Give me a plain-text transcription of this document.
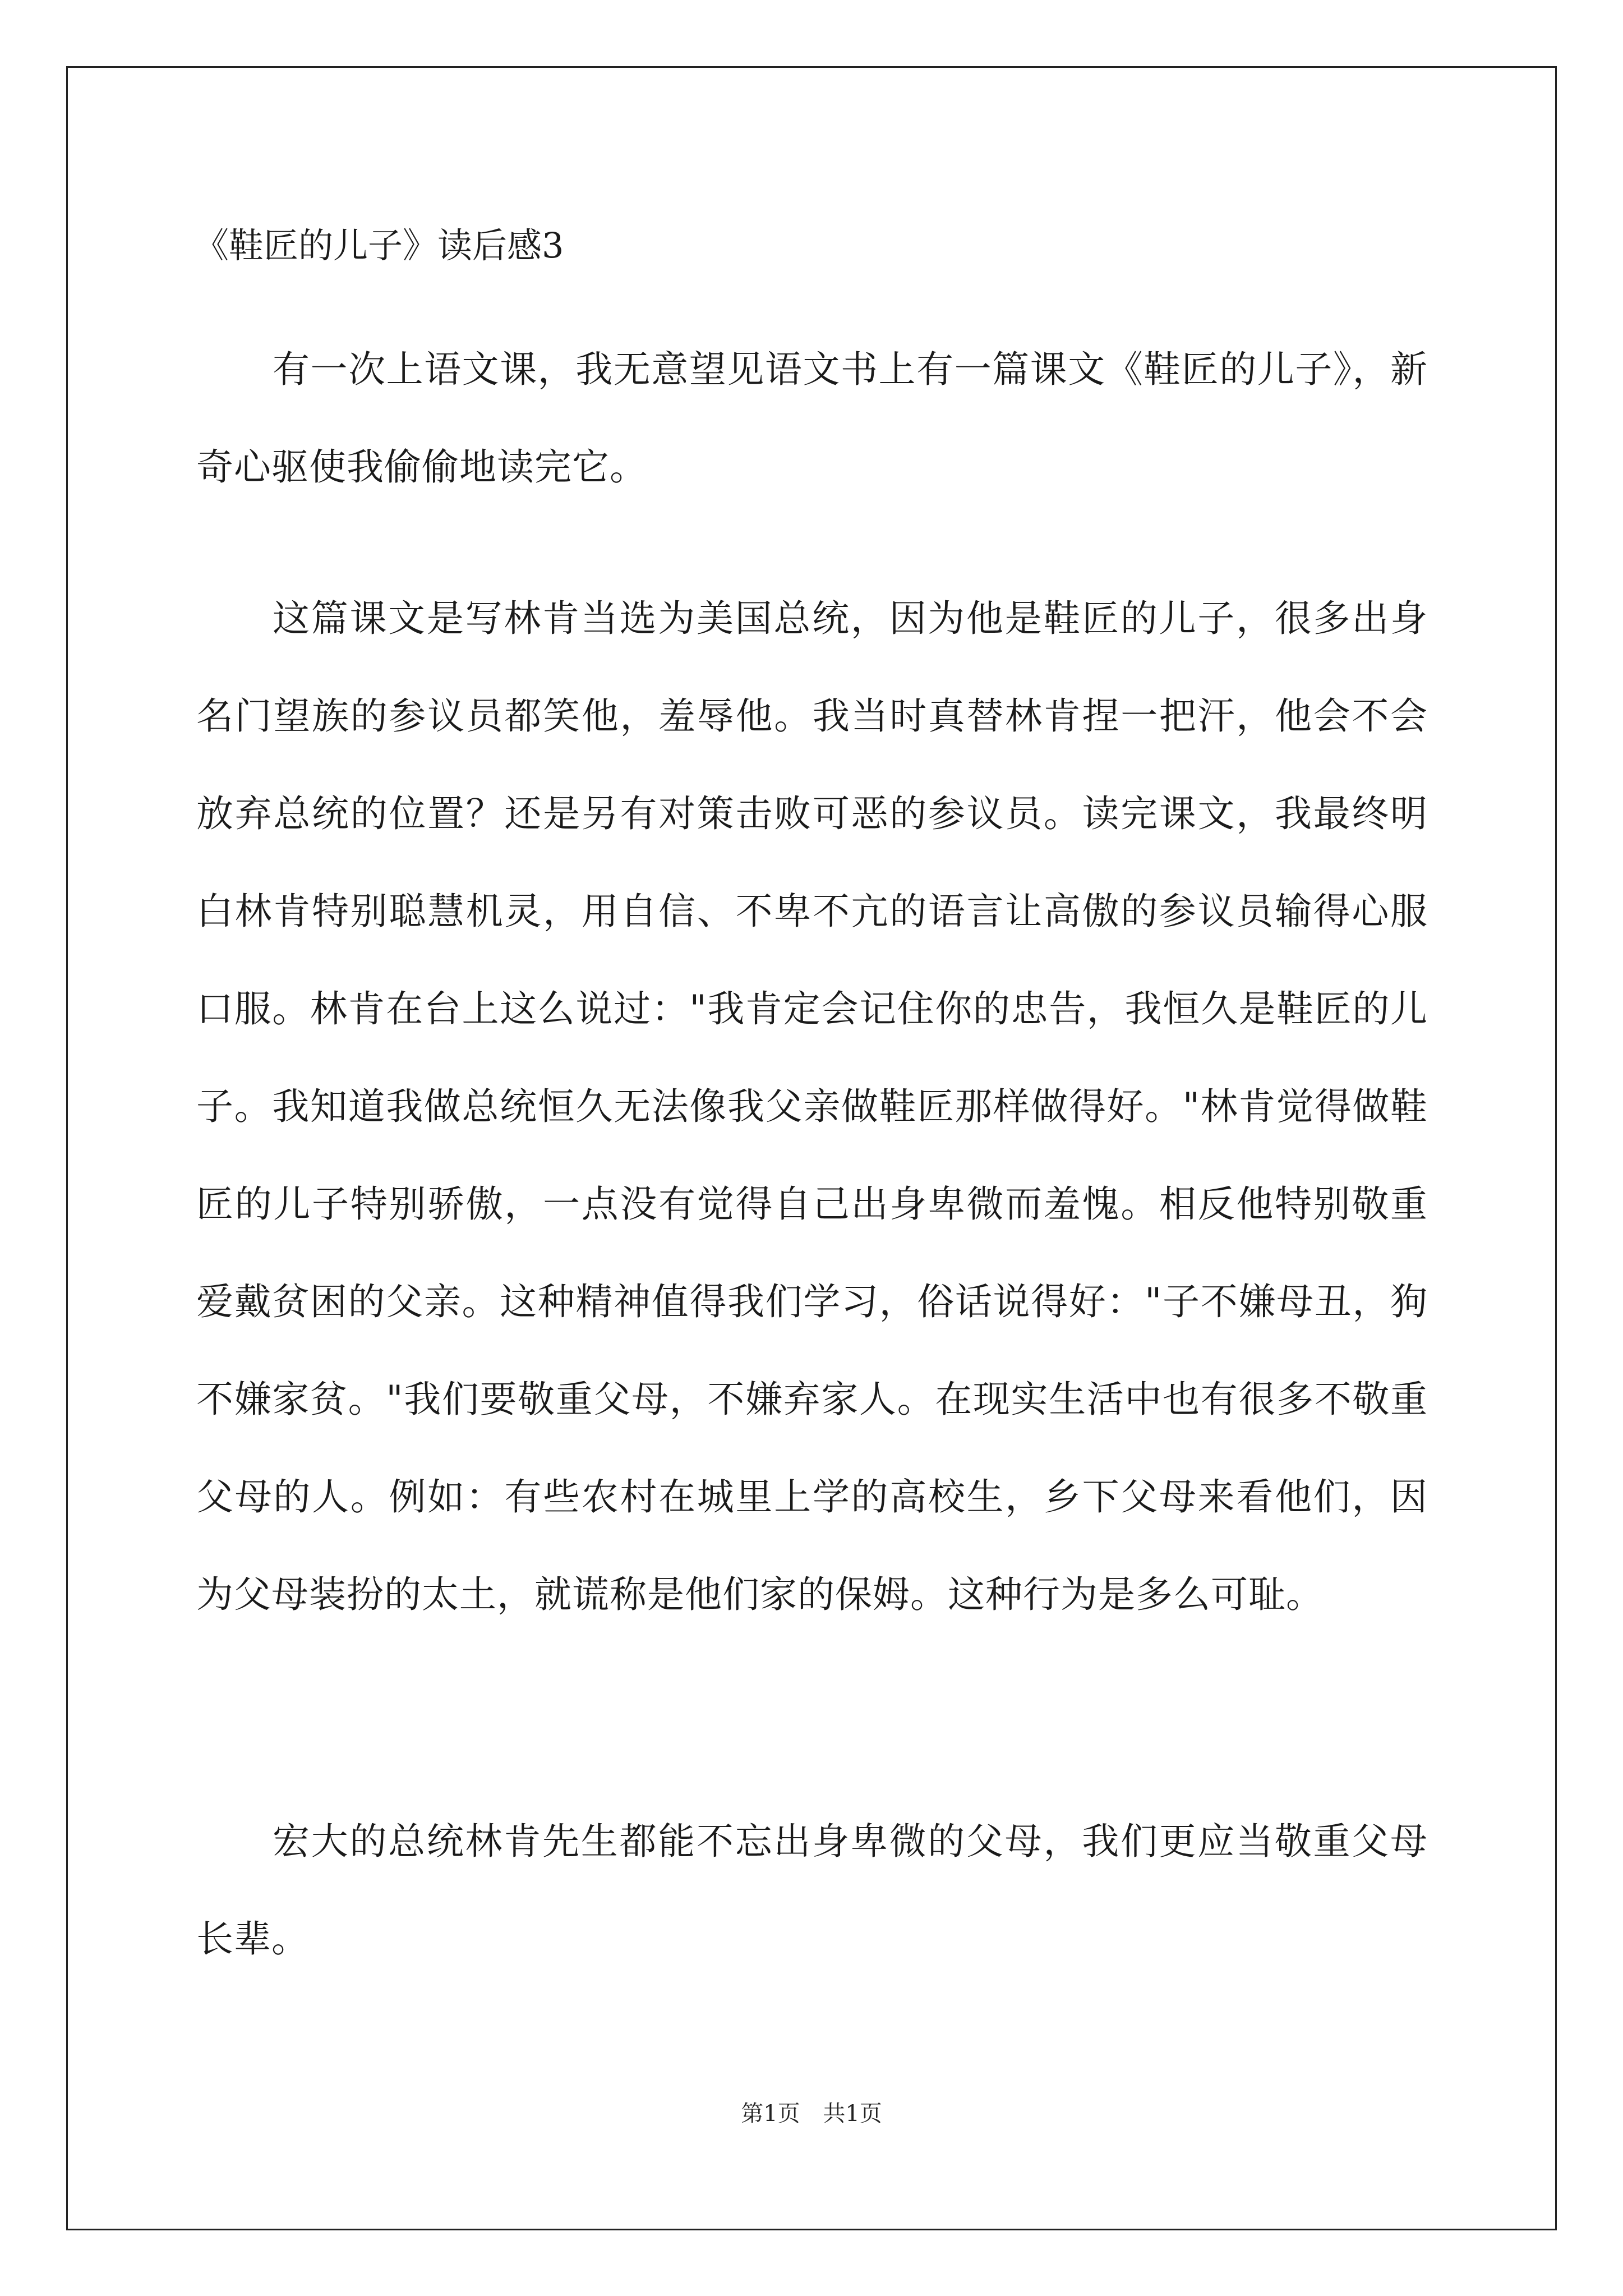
《鞋匠的儿子》读后感3

有一次上语文课，我无意望见语文书上有一篇课文《鞋匠的儿子》，新奇心驱使我偷偷地读完它。

这篇课文是写林肯当选为美国总统，因为他是鞋匠的儿子，很多出身名门望族的参议员都笑他，羞辱他。我当时真替林肯捏一把汗，他会不会放弃总统的位置？还是另有对策击败可恶的参议员。读完课文，我最终明白林肯特别聪慧机灵，用自信、不卑不亢的语言让高傲的参议员输得心服口服。林肯在台上这么说过："我肯定会记住你的忠告，我恒久是鞋匠的儿子。我知道我做总统恒久无法像我父亲做鞋匠那样做得好。"林肯觉得做鞋匠的儿子特别骄傲，一点没有觉得自己出身卑微而羞愧。相反他特别敬重爱戴贫困的父亲。这种精神值得我们学习，俗话说得好："子不嫌母丑，狗不嫌家贫。"我们要敬重父母，不嫌弃家人。在现实生活中也有很多不敬重父母的人。例如：有些农村在城里上学的高校生，乡下父母来看他们，因为父母装扮的太土，就谎称是他们家的保姆。这种行为是多么可耻。

宏大的总统林肯先生都能不忘出身卑微的父母，我们更应当敬重父母长辈。

第1页 共1页
